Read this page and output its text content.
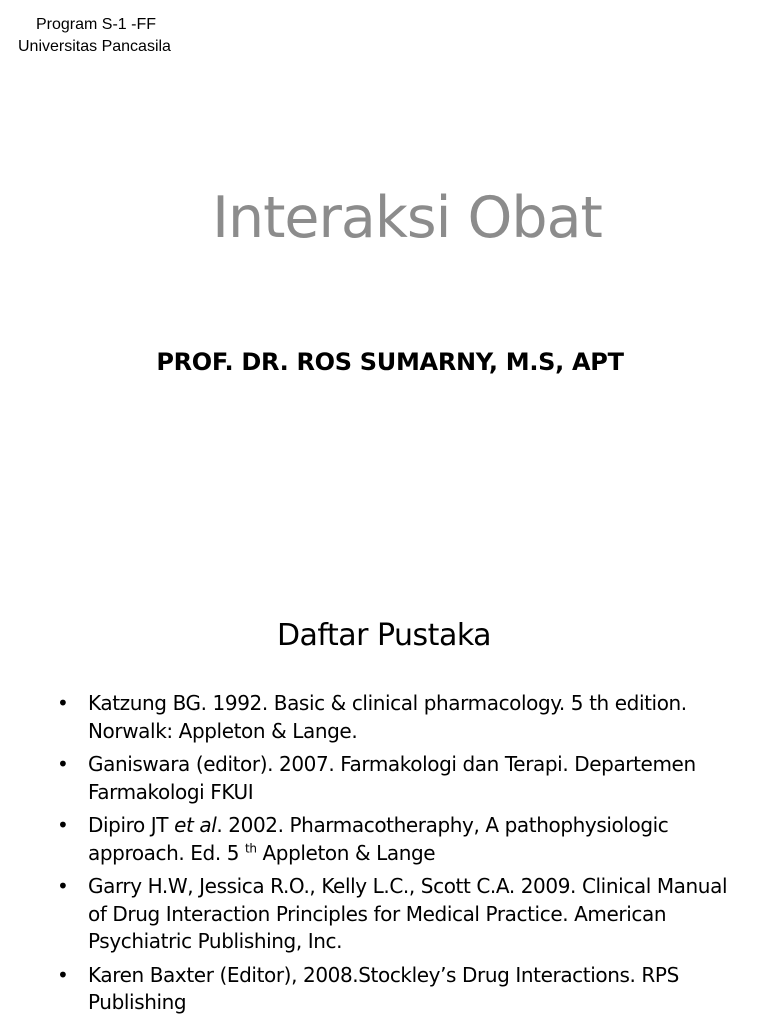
Program S-1 -FF
Universitas Pancasila
Interaksi Obat
PROF. DR. ROS SUMARNY, M.S, APT
Daftar Pustaka
• Katzung BG. 1992. Basic & clinical pharmacology. 5 th edition. Norwalk: Appleton & Lange.
• Ganiswara (editor). 2007. Farmakologi dan Terapi. Departemen Farmakologi FKUI
• Dipiro JT et al. 2002. Pharmacotheraphy, A pathophysiologic approach. Ed. 5 $^{th}$ Appleton & Lange
• Garry H.W, Jessica R.O., Kelly L.C., Scott C.A. 2009. Clinical Manual of Drug Interaction Principles for Medical Practice. American Psychiatric Publishing, Inc.
• Karen Baxter (Editor), 2008.Stockley’s Drug Interactions. RPS Publishing
